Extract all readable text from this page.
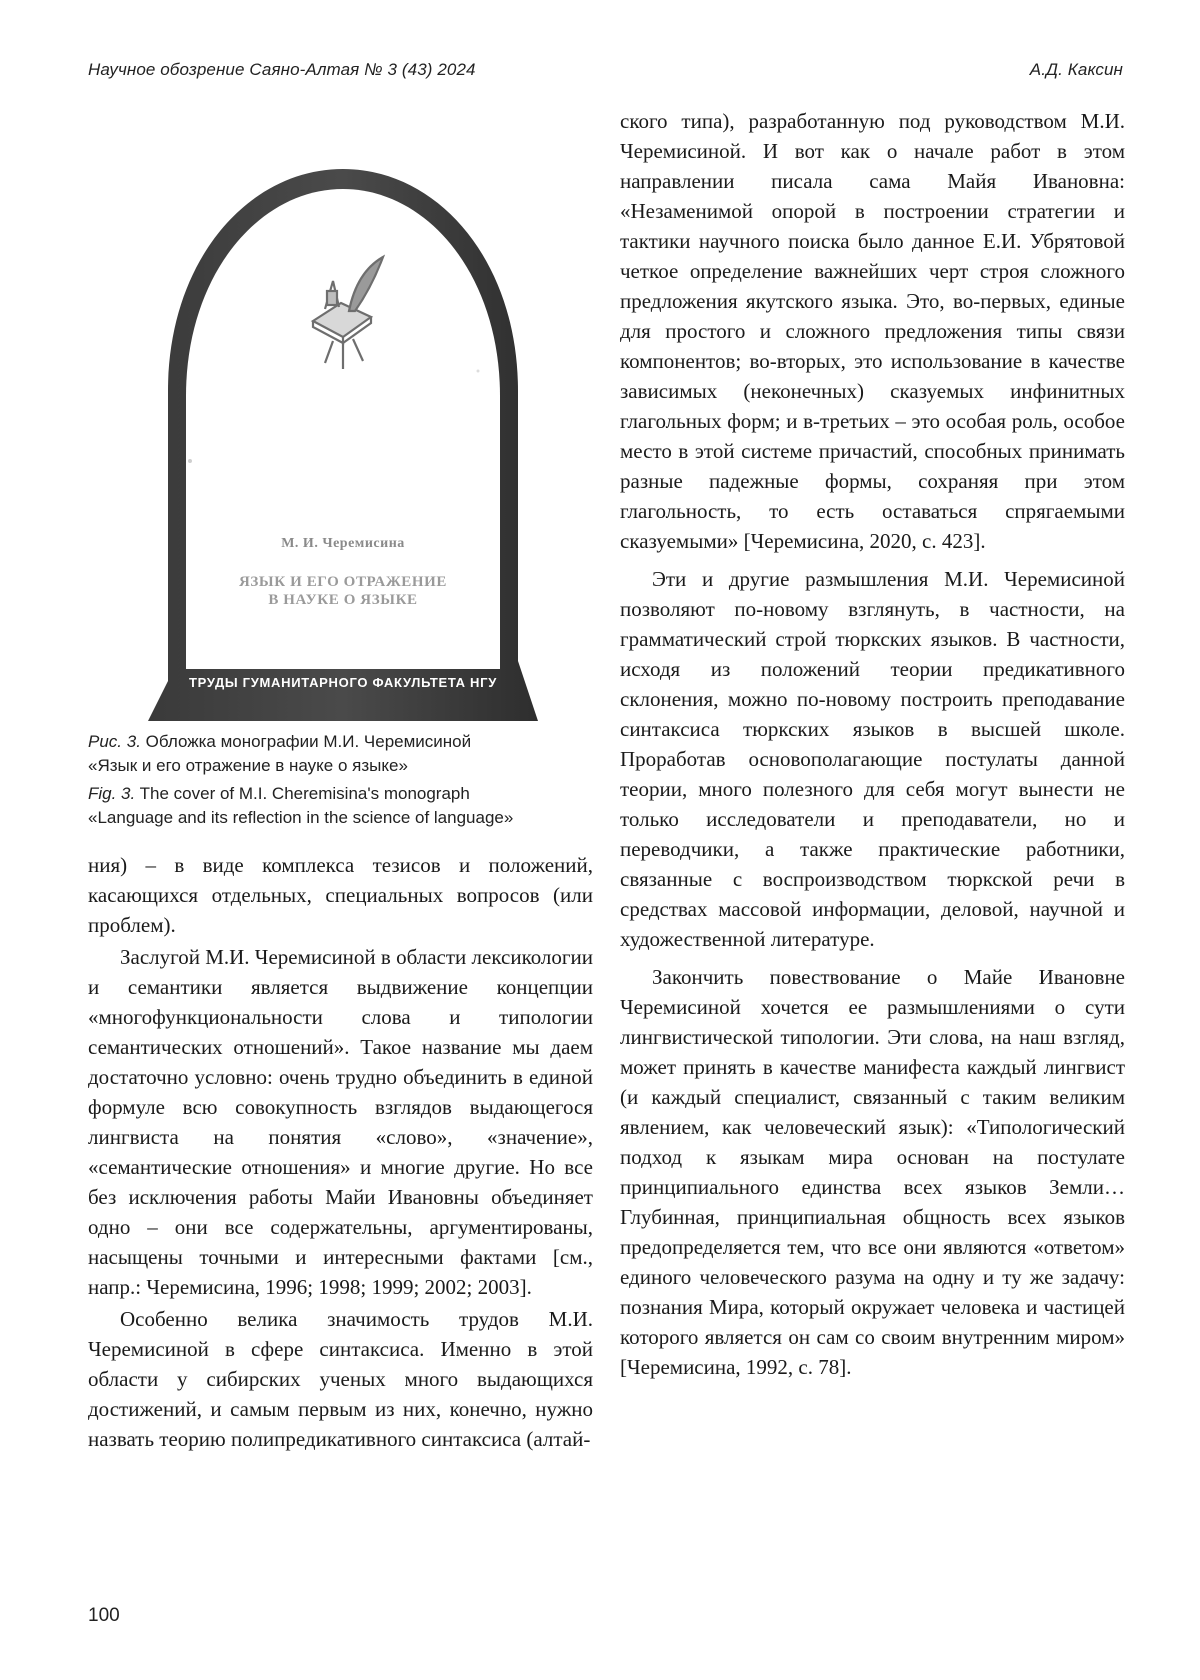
Научное обозрение Саяно-Алтая № 3 (43) 2024	А.Д. Каксин
М. И. Черемисина
ЯЗЫК И ЕГО ОТРАЖЕНИЕ
В НАУКЕ О ЯЗЫКЕ
ТРУДЫ ГУМАНИТАРНОГО ФАКУЛЬТЕТА НГУ
Рис. 3. Обложка монографии М.И. Черемисиной
«Язык и его отражение в науке о языке»
Fig. 3. The cover of M.I. Cheremisina's monograph
«Language and its reflection in the science of language»

ния) – в виде комплекса тезисов и положений, касающихся отдельных, специальных вопросов (или проблем).

Заслугой М.И. Черемисиной в области лексикологии и семантики является выдвижение концепции «многофункциональности слова и типологии семантических отношений». Такое название мы даем достаточно условно: очень трудно объединить в единой формуле всю совокупность взглядов выдающегося лингвиста на понятия «слово», «значение», «семантические отношения» и многие другие. Но все без исключения работы Майи Ивановны объединяет одно – они все содержательны, аргументированы, насыщены точными и интересными фактами [см., напр.: Черемисина, 1996; 1998; 1999; 2002; 2003].

Особенно велика значимость трудов М.И. Черемисиной в сфере синтаксиса. Именно в этой области у сибирских ученых много выдающихся достижений, и самым первым из них, конечно, нужно назвать теорию полипредикативного синтаксиса (алтай-

ского типа), разработанную под руководством М.И. Черемисиной. И вот как о начале работ в этом направлении писала сама Майя Ивановна: «Незаменимой опорой в построении стратегии и тактики научного поиска было данное Е.И. Убрятовой четкое определение важнейших черт строя сложного предложения якутского языка. Это, во-первых, единые для простого и сложного предложения типы связи компонентов; во-вторых, это использование в качестве зависимых (неконечных) сказуемых инфинитных глагольных форм; и в-третьих – это особая роль, особое место в этой системе причастий, способных принимать разные падежные формы, сохраняя при этом глагольность, то есть оставаться спрягаемыми сказуемыми» [Черемисина, 2020, с. 423].

Эти и другие размышления М.И. Черемисиной позволяют по-новому взглянуть, в частности, на грамматический строй тюркских языков. В частности, исходя из положений теории предикативного склонения, можно по-новому построить преподавание синтаксиса тюркских языков в высшей школе. Проработав основополагающие постулаты данной теории, много полезного для себя могут вынести не только исследователи и преподаватели, но и переводчики, а также практические работники, связанные с воспроизводством тюркской речи в средствах массовой информации, деловой, научной и художественной литературе.

Закончить повествование о Майе Ивановне Черемисиной хочется ее размышлениями о сути лингвистической типологии. Эти слова, на наш взгляд, может принять в качестве манифеста каждый лингвист (и каждый специалист, связанный с таким великим явлением, как человеческий язык): «Типологический подход к языкам мира основан на постулате принципиального единства всех языков Земли… Глубинная, принципиальная общность всех языков предопределяется тем, что все они являются «ответом» единого человеческого разума на одну и ту же задачу: познания Мира, который окружает человека и частицей которого является он сам со своим внутренним миром» [Черемисина, 1992, с. 78].

100
